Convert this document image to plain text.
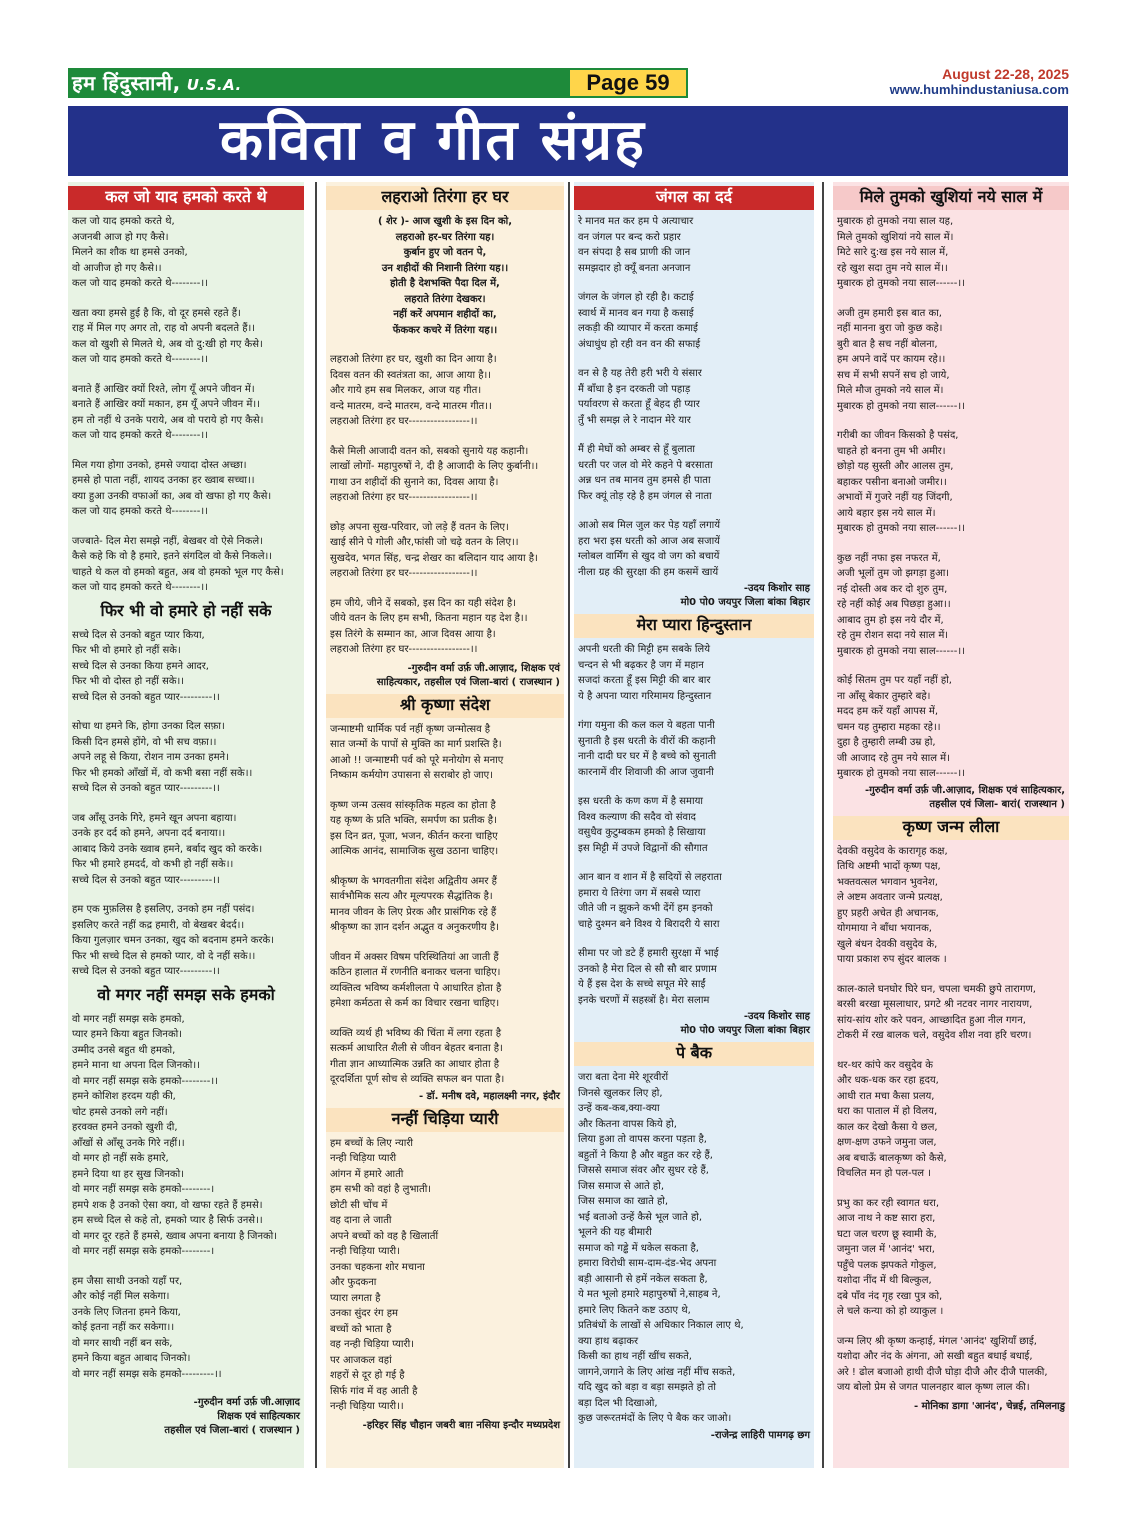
हम हिंदुस्तानी, U.S.A.	Page 59	August 22-28, 2025
www.humhindustaniusa.com
कविता व गीत संग्रह
कल जो याद हमको करते थे
कल जो याद हमको करते थे,
अजनबी आज हो गए कैसे।
मिलने का शौक था हमसे उनको,
वो आजीज हो गए कैसे।।
कल जो याद हमको करते थे--------।।
खता क्या हमसे हुई है कि, वो दूर हमसे रहते हैं।
राह में मिल गए अगर तो, राह वो अपनी बदलते हैं।।
कल वो खुशी से मिलते थे, अब वो दु:खी हो गए कैसे।
कल जो याद हमको करते थे--------।।
बनाते हैं आखिर क्यों रिश्ते, लोग यूँ अपने जीवन में।
बनाते हैं आखिर क्यों मकान, हम यूँ अपने जीवन में।।
हम तो नहीं थे उनके पराये, अब वो पराये हो गए कैसे।
कल जो याद हमको करते थे--------।।
मिल गया होगा उनको, हमसे ज्यादा दोस्त अच्छा।
हमसे हो पाता नहीं, शायद उनका हर ख्वाब सच्चा।।
क्या हुआ उनकी वफाओं का, अब वो खफा हो गए कैसे।
कल जो याद हमको करते थे--------।।
जज्बाते- दिल मेरा समझे नहीं, बेखबर वो ऐसे निकले।
कैसे कहे कि वो है हमारे, इतने संगदिल वो कैसे निकले।।
चाहते थे कल वो हमको बहुत, अब वो हमको भूल गए कैसे।
कल जो याद हमको करते थे--------।।
फिर भी वो हमारे हो नहीं सके
सच्चे दिल से उनको बहुत प्यार किया,
फिर भी वो हमारे हो नहीं सके।
सच्चे दिल से उनका किया हमने आदर,
फिर भी वो दोस्त हो नहीं सके।।
सच्चे दिल से उनको बहुत प्यार---------।।
सोचा था हमने कि, होगा उनका दिल सफ़ा।
किसी दिन हमसे होंगे, वो भी सच वफ़ा।।
अपने लहू से किया, रोशन नाम उनका हमने।
फिर भी हमको आँखों में, वो कभी बसा नहीं सके।।
सच्चे दिल से उनको बहुत प्यार---------।।
जब आँसू उनके गिरे, हमने खून अपना बहाया।
उनके हर दर्द को हमने, अपना दर्द बनाया।।
आबाद किये उनके ख्वाब हमने, बर्बाद खुद को करके।
फिर भी हमारे हमदर्द, वो कभी हो नहीं सके।।
सच्चे दिल से उनको बहुत प्यार---------।।
हम एक मुफ़लिस है इसलिए, उनको हम नहीं पसंद।
इसलिए करते नहीं कद्र हमारी, वो बेखबर बेदर्द।।
किया गुलज़ार चमन उनका, खुद को बदनाम हमने करके।
फिर भी सच्चे दिल से हमको प्यार, वो दे नहीं सके।।
सच्चे दिल से उनको बहुत प्यार---------।।
वो मगर नहीं समझ सके हमको
वो मगर नहीं समझ सके हमको,
प्यार हमने किया बहुत जिनको।
उम्मीद उनसे बहुत थी हमको,
हमने माना था अपना दिल जिनको।।
वो मगर नहीं समझ सके हमको--------।।
हमने कोशिश हरदम यही की,
चोट हमसे उनको लगे नहीं।
हरवक्त हमने उनको खुशी दी,
आँखों से आँसू उनके गिरे नहीं।।
वो मगर हो नहीं सके हमारे,
हमने दिया था हर सुख जिनको।
वो मगर नहीं समझ सके हमको--------।
हमपे शक है उनको ऐसा क्या, वो खफा रहते हैं हमसे।
हम सच्चे दिल से कहे तो, हमको प्यार है सिर्फ उनसे।।
वो मगर दूर रहते हैं हमसे, ख्वाब अपना बनाया है जिनको।
वो मगर नहीं समझ सके हमको--------।
हम जैसा साथी उनको यहाँ पर,
और कोई नहीं मिल सकेगा।
उनके लिए जितना हमने किया,
कोई इतना नहीं कर सकेगा।।
वो मगर साथी नहीं बन सके,
हमने किया बहुत आबाद जिनको।
वो मगर नहीं समझ सके हमको---------।।
-गुरुदीन वर्मा उर्फ़ जी.आज़ाद
शिक्षक एवं साहित्यकार
तहसील एवं जिला-बारां ( राजस्थान )
लहराओ तिरंगा हर घर
( शेर )- आज खुशी के इस दिन को,
लहराओ हर-घर तिरंगा यह।
कुर्बान हुए जो वतन पे,
उन शहीदों की निशानी तिरंगा यह।।
होती है देशभक्ति पैदा दिल में,
लहराते तिरंगा देखकर।
नहीं करें अपमान शहीदों का,
फेंककर कचरे में तिरंगा यह।।
लहराओ तिरंगा हर घर, खुशी का दिन आया है।
दिवस वतन की स्वतंत्रता का, आज आया है।।
और गाये हम सब मिलकर, आज यह गीत।
वन्दे मातरम, वन्दे मातरम, वन्दे मातरम गीत।।
लहराओ तिरंगा हर घर-----------------।।
कैसे मिली आजादी वतन को, सबको सुनाये यह कहानी।
लाखों लोगों- महापुरुषों ने, दी है आजादी के लिए कुर्बानी।।
गाथा उन शहीदों की सुनाने का, दिवस आया है।
लहराओ तिरंगा हर घर-----------------।।
छोड़ अपना सुख-परिवार, जो लड़े हैं वतन के लिए।
खाई सीने पे गोली और,फांसी जो चढ़े वतन के लिए।।
सुखदेव, भगत सिंह, चन्द्र शेखर का बलिदान याद आया है।
लहराओ तिरंगा हर घर-----------------।।
हम जीये, जीने दें सबको, इस दिन का यही संदेश है।
जीये वतन के लिए हम सभी, कितना महान यह देश है।।
इस तिरंगे के सम्मान का, आज दिवस आया है।
लहराओ तिरंगा हर घर-----------------।।
-गुरुदीन वर्मा उर्फ़ जी.आज़ाद, शिक्षक एवं
साहित्यकार, तहसील एवं जिला-बारां ( राजस्थान )
श्री कृष्णा संदेश
जन्माष्टमी धार्मिक पर्व नहीं कृष्ण जन्मोत्सव है
सात जन्मों के पापों से मुक्ति का मार्ग प्रशस्ति है।
आओ !! जन्माष्टमी पर्व को पूरे मनोयोग से मनाए
निष्काम कर्मयोग उपासना से सराबोर हो जाए।
कृष्ण जन्म उत्सव सांस्कृतिक महत्व का होता है
यह कृष्ण के प्रति भक्ति, समर्पण का प्रतीक है।
इस दिन व्रत, पूजा, भजन, कीर्तन करना चाहिए
आत्मिक आनंद, सामाजिक सुख उठाना चाहिए।
श्रीकृष्ण के भगवतगीता संदेश अद्वितीय अमर हैं
सार्वभौमिक सत्य और मूल्यपरक सैद्धांतिक है।
मानव जीवन के लिए प्रेरक और प्रासंगिक रहे हैं
श्रीकृष्ण का ज्ञान दर्शन अद्भुत व अनुकरणीय है।
जीवन में अक्सर विषम परिस्थितियां आ जाती हैं
कठिन हालात में रणनीति बनाकर चलना चाहिए।
व्यक्तित्व भविष्य कर्मशीलता पे आधारित होता है
हमेशा कर्मठता से कर्म का विचार रखना चाहिए।
व्यक्ति व्यर्थ ही भविष्य की चिंता में लगा रहता है
सत्कर्म आधारित शैली से जीवन बेहतर बनाता है।
गीता ज्ञान आध्यात्मिक उन्नति का आधार होता है
दूरदर्शिता पूर्ण सोच से व्यक्ति सफल बन पाता है।
- डॉ. मनीष दवे, महालक्ष्मी नगर, इंदौर
नन्हीं चिड़िया प्यारी
हम बच्चों के लिए न्यारी
नन्ही चिड़िया प्यारी
आंगन में हमारे आती
हम सभी को वहां है लुभाती।
छोटी सी चोंच में
वह दाना ले जाती
अपने बच्चों को वह है खिलातीं
नन्ही चिड़िया प्यारी।
उनका चहकना शोर मचाना
और फुदकना
प्यारा लगता है
उनका सुंदर रंग हम
बच्चों को भाता है
वह नन्ही चिड़िया प्यारी।
पर आजकल वहां
शहरों से दूर हो गई है
सिर्फ गांव में वह आती है
नन्ही चिड़िया प्यारी।।
-हरिहर सिंह चौहान जबरी बाग़ नसिया इन्दौर मध्यप्रदेश
जंगल का दर्द
रे मानव मत कर हम पे अत्याचार
वन जंगल पर बन्द करो प्रहार
वन संपदा है सब प्राणी की जान
समझदार हो क्यूँ बनता अनजान
जंगल के जंगल हो रही है। कटाई
स्वार्थ में मानव बन गया है कसाई
लकड़ी की व्यापार में करता कमाई
अंधाधुंध हो रही वन वन की सफाई
वन से है यह तेरी हरी भरी ये संसार
मैं बाँधा है इन दरकती जो पहाड़
पर्यावरण से करता हूँ बेहद ही प्यार
तुँ भी समझ ले रे नादान मेरे यार
मैं ही मेघों को अम्बर से हूँ बुलाता
धरती पर जल वो मेरे कहने पे बरसाता
अन्न धन तब मानव तुम हमसे ही पाता
फिर क्यूं तोड़ रहे है हम जंगल से नाता
आओ सब मिल जुल कर पेड़ यहाँ लगायें
हरा भरा इस धरती को आज अब सजायें
ग्लोबल वार्मिंग से खुद वो जग को बचायें
नीला ग्रह की सुरक्षा की हम कसमें खायें
-उदय किशोर साह
मो0 पो0 जयपुर जिला बांका बिहार
मेरा प्यारा हिन्दुस्तान
अपनी धरती की मिट्टी हम सबके लिये
चन्दन से भी बढ़कर है जग में महान
सजदां करता हूँ इस मिट्टी की बार बार
ये है अपना प्यारा गरिमामय हिन्दुस्तान
गंगा यमुना की कल कल ये बहता पानी
सुनाती है इस धरती के वीरों की कहानी
नानी दादी घर घर में है बच्चे को सुनाती
कारनामें वीर शिवाजी की आज जुवानी
इस धरती के कण कण में है समाया
विश्व कल्याण की सदैव वो संवाद
वसुधैव कुटुम्बकम हमको है सिखाया
इस मिट्टी में उपजे विद्वानों की सौगात
आन बान व शान में है सदियों से लहराता
हमारा ये तिरंगा जग में सबसे प्यारा
जीते जी न झुकने कभी देंगें हम इनको
चाहे दुश्मन बने विश्व ये बिरादरी ये सारा
सीमा पर जो डटे हैं हमारी सुरक्षा में भाई
उनको है मेरा दिल से सौ सौ बार प्रणाम
ये हैं इस देश के सच्चे सपूत मेरे साईं
इनके चरणों में सहस्त्रों है। मेरा सलाम
-उदय किशोर साह
मो0 पो0 जयपुर जिला बांका बिहार
पे बैक
जरा बता देना मेरे शूरवीरों
जिनसे खुलकर लिए हो,
उन्हें कब-कब,क्या-क्या
और कितना वापस किये हो,
लिया हुआ तो वापस करना पड़ता है,
बहुतों ने किया है और बहुत कर रहे हैं,
जिससे समाज संवर और सुधर रहे हैं,
जिस समाज से आते हो,
जिस समाज का खाते हो,
भई बताओ उन्हें कैसे भूल जाते हो,
भूलने की यह बीमारी
समाज को गड्ढे में धकेल सकता है,
हमारा विरोधी साम-दाम-दंड-भेद अपना
बड़ी आसानी से हमें नकेल सकता है,
ये मत भूलो हमारे महापुरुषों ने,साहब ने,
हमारे लिए कितने कष्ट उठाए थे,
प्रतिबंधों के लाखों से अधिकार निकाल लाए थे,
क्या हाथ बढ़ाकर
किसी का हाथ नहीं खींच सकते,
जागने,जगाने के लिए आंख नहीं मींच सकते,
यदि खुद को बड़ा व बड़ा समझते हो तो
बड़ा दिल भी दिखाओ,
कुछ जरूरतमंदों के लिए पे बैक कर जाओ।
-राजेन्द्र लाहिरी पामगढ़ छग
मिले तुमको खुशियां नये साल में
मुबारक हो तुमको नया साल यह,
मिले तुमको खुशियां नये साल में।
मिटे सारे दु:ख इस नये साल में,
रहे खुश सदा तुम नये साल में।।
मुबारक हो तुमको नया साल------।।
अजी तुम हमारी इस बात का,
नहीं मानना बुरा जो कुछ कहे।
बुरी बात है सच नहीं बोलना,
हम अपने वादें पर कायम रहे।।
सच में सभी सपनें सच हो जाये,
मिले मौज तुमको नये साल में।
मुबारक हो तुमको नया साल------।।
गरीबी का जीवन किसको है पसंद,
चाहते हो बनना तुम भी अमीर।
छोड़ो यह सुस्ती और आलस तुम,
बहाकर पसीना बनाओ जमीर।।
अभावों में गुजरे नहीं यह जिंदगी,
आये बहार इस नये साल में।
मुबारक हो तुमको नया साल------।।
कुछ नहीं नफा इस नफरत में,
अजी भूलों तुम जो झगड़ा हुआ।
नई दोस्ती अब कर दो शुरु तुम,
रहे नहीं कोई अब पिछड़ा हुआ।।
आबाद तुम हो इस नये दौर में,
रहे तुम रोशन सदा नये साल में।
मुबारक हो तुमको नया साल------।।
कोई सितम तुम पर यहाँ नहीं हो,
ना आँसू बेकार तुम्हारे बहे।
मदद हम करें यहाँ आपस में,
चमन यह तुम्हारा महका रहे।।
दुहा है तुम्हारी लम्बी उम्र हो,
जी आजाद रहे तुम नये साल में।
मुबारक हो तुमको नया साल------।।
-गुरुदीन वर्मा उर्फ़ जी.आज़ाद, शिक्षक एवं साहित्यकार,
तहसील एवं जिला- बारां( राजस्थान )
कृष्ण जन्म लीला
देवकी वसुदेव के कारागृह कक्ष,
तिथि अष्टमी भादों कृष्ण पक्ष,
भक्तवत्सल भगवान भुवनेश,
ले अष्टम अवतार जन्मे प्रत्यक्ष,
हुए प्रहरी अचेत ही अचानक,
योगमाया ने बाँधा भयानक,
खुले बंधन देवकी वसुदेव के,
पाया प्रकाश रुप सुंदर बालक ।
काल-काले घनघोर घिरे घन, चपला चमकी छुपे तारागण,
बरसी बरखा मूसलाधार, प्रगटे श्री नटवर नागर नारायण,
सांय-सांय शोर करे पवन, आच्छादित हुआ नील गगन,
टोकरी में रख बालक चले, वसुदेव शीश नवा हरि चरण।
थर-थर कांपे कर वसुदेव के
और धक-धक कर रहा हृदय,
आधी रात मचा कैसा प्रलय,
धरा का पाताल में हो विलय,
काल कर देखो कैसा ये छल,
क्षण-क्षण उफने जमुना जल,
अब बचाऊँ बालकृष्ण को कैसे,
विचलित मन हो पल-पल ।
प्रभु का कर रही स्वागत धरा,
आज नाथ ने कष्ट सारा हरा,
घटा जल चरण छू स्वामी के,
जमुना जल में 'आनंद' भरा,
पहुँचे पलक झपकते गोकुल,
यशोदा नींद में थी बिल्कुल,
दबे पाँव नंद गृह रखा पुत्र को,
ले चले कन्या को हो व्याकुल ।
जन्म लिए श्री कृष्ण कन्हाई, मंगल 'आनंद' खुशियाँ छाई,
यशोदा और नंद के अंगना, ओ सखी बहुत बधाई बधाई,
अरे ! ढोल बजाओ हाथी दीजै घोड़ा दीजै और दीजै पालकी,
जय बोलो प्रेम से जगत पालनहार बाल कृष्ण लाल की।
- मोनिका डागा 'आनंद', चेन्नई, तमिलनाडु
